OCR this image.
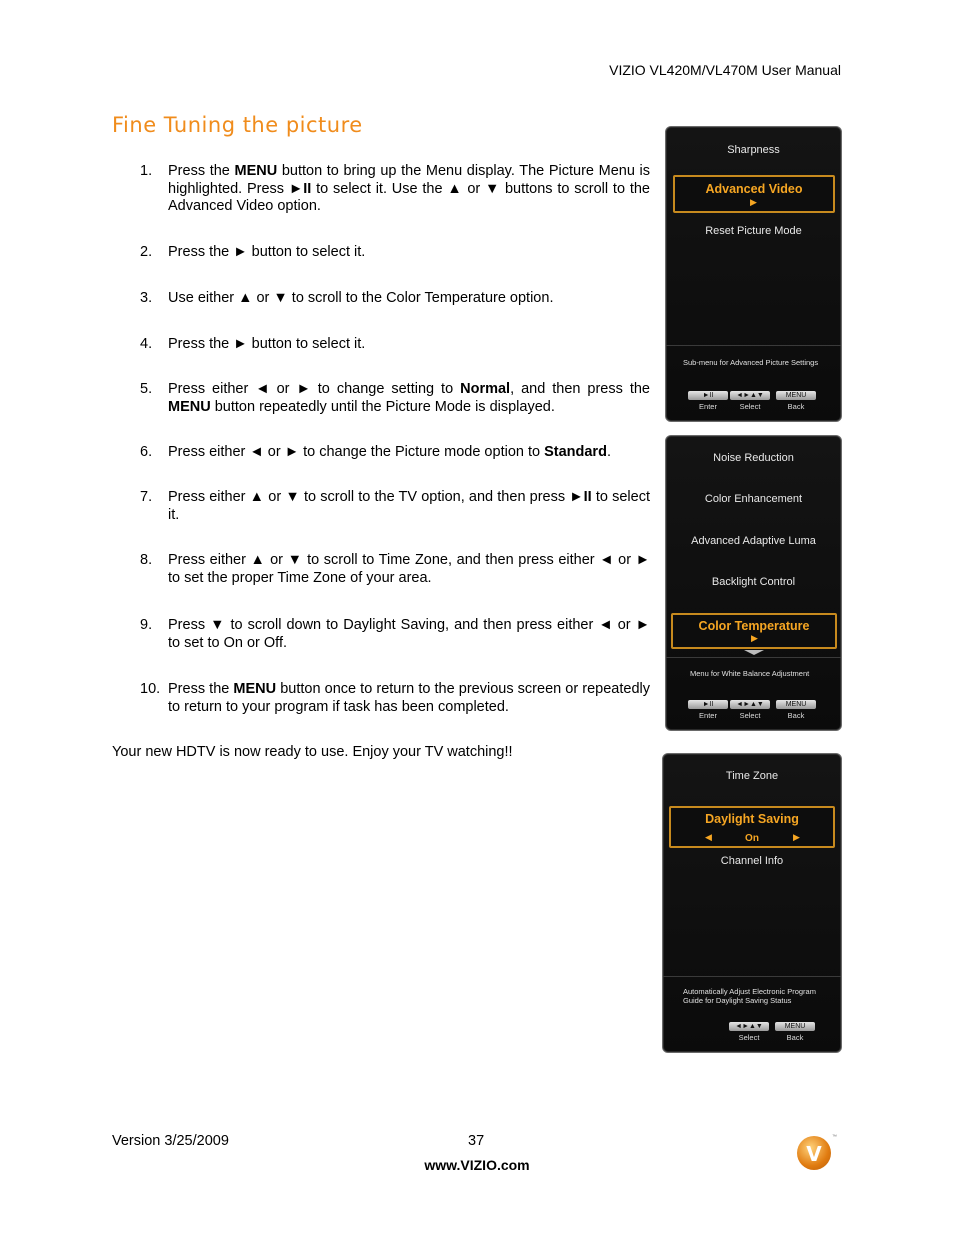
VIZIO VL420M/VL470M User Manual
Fine Tuning the picture
1. Press the MENU button to bring up the Menu display. The Picture Menu is highlighted. Press ►II to select it. Use the ▲ or ▼ buttons to scroll to the Advanced Video option.
2. Press the ► button to select it.
3. Use either ▲ or ▼ to scroll to the Color Temperature option.
4. Press the ► button to select it.
5. Press either ◄ or ► to change setting to Normal, and then press the MENU button repeatedly until the Picture Mode is displayed.
6. Press either ◄ or ► to change the Picture mode option to Standard.
7. Press either ▲ or ▼ to scroll to the TV option, and then press ►II to select it.
8. Press either ▲ or ▼ to scroll to Time Zone, and then press either ◄ or ► to set the proper Time Zone of your area.
9. Press ▼ to scroll down to Daylight Saving, and then press either ◄ or ► to set to On or Off.
10. Press the MENU button once to return to the previous screen or repeatedly to return to your program if task has been completed.
Your new HDTV is now ready to use. Enjoy your TV watching!!
Sharpness
Advanced Video
▶
Reset Picture Mode
Sub-menu for Advanced Picture Settings
►II
Enter
◄►▲▼
Select
MENU
Back
Noise Reduction
Color Enhancement
Advanced Adaptive Luma
Backlight Control
Color Temperature
▶
Menu for White Balance Adjustment
►II
Enter
◄►▲▼
Select
MENU
Back
Time Zone
Daylight Saving
◀	On	▶
Channel Info
Automatically Adjust Electronic Program
Guide for Daylight Saving Status
◄►▲▼
Select
MENU
Back
Version 3/25/2009	37
www.VIZIO.com	V
™
